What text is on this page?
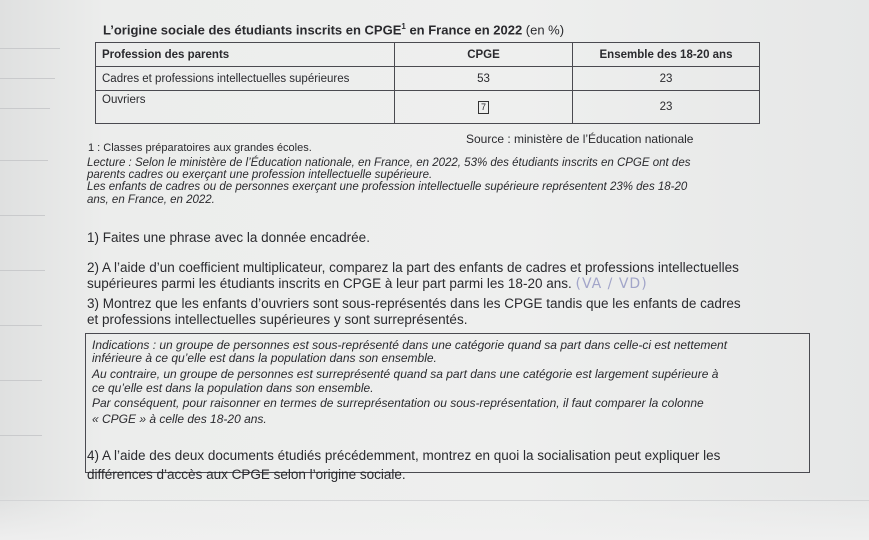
L’origine sociale des étudiants inscrits en CPGE$^1$ en France en 2022 (en %)
Profession des parents	CPGE	Ensemble des 18-20 ans
Cadres et professions intellectuelles supérieures	53	23
Ouvriers	7	23
Source : ministère de l’Éducation nationale
1 : Classes préparatoires aux grandes écoles.
Lecture : Selon le ministère de l’Éducation nationale, en France, en 2022, 53% des étudiants inscrits en CPGE ont des
parents cadres ou exerçant une profession intellectuelle supérieure.
Les enfants de cadres ou de personnes exerçant une profession intellectuelle supérieure représentent 23% des 18-20
ans, en France, en 2022.
1) Faites une phrase avec la donnée encadrée.
2) A l’aide d’un coefficient multiplicateur, comparez la part des enfants de cadres et professions intellectuelles
supérieures parmi les étudiants inscrits en CPGE à leur part parmi les 18-20 ans. (VA / VD)
3) Montrez que les enfants d’ouvriers sont sous-représentés dans les CPGE tandis que les enfants de cadres
et professions intellectuelles supérieures y sont surreprésentés.
Indications : un groupe de personnes est sous-représenté dans une catégorie quand sa part dans celle-ci est nettement
inférieure à ce qu’elle est dans la population dans son ensemble.
Au contraire, un groupe de personnes est surreprésenté quand sa part dans une catégorie est largement supérieure à
ce qu’elle est dans la population dans son ensemble.
Par conséquent, pour raisonner en termes de surreprésentation ou sous-représentation, il faut comparer la colonne
« CPGE » à celle des 18-20 ans.
4) A l’aide des deux documents étudiés précédemment, montrez en quoi la socialisation peut expliquer les
différences d’accès aux CPGE selon l’origine sociale.
